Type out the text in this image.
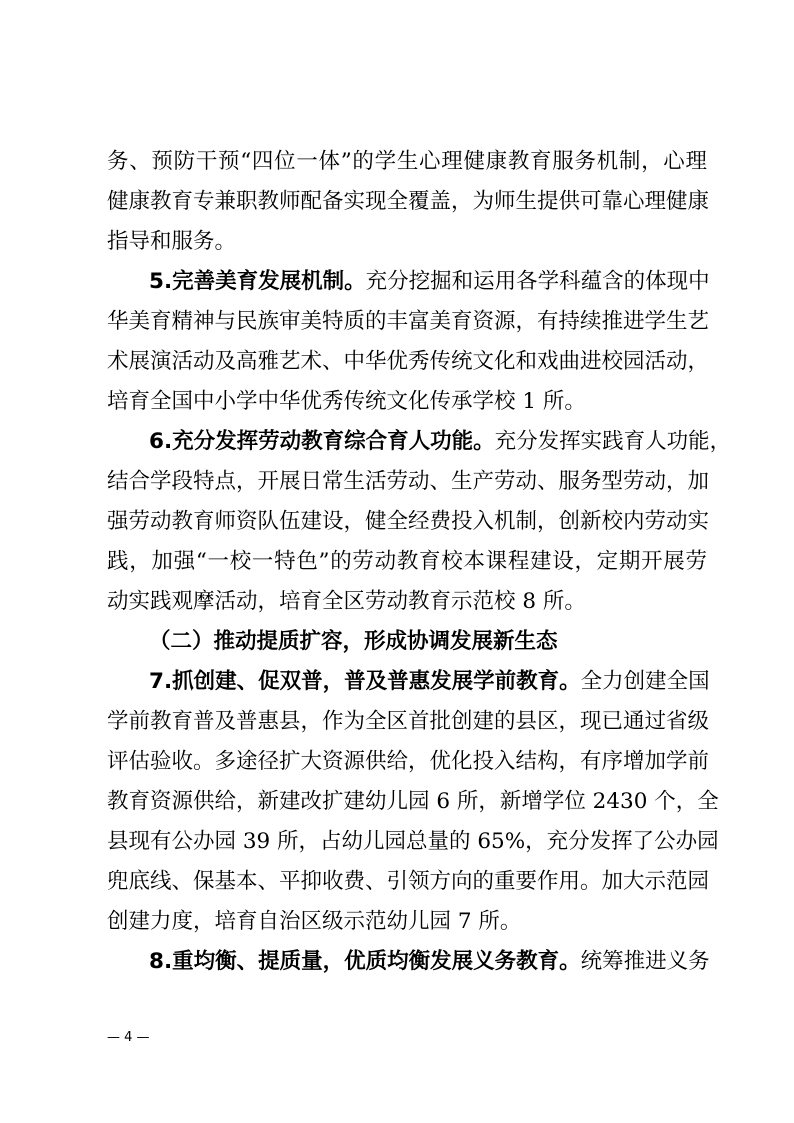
务、预防干预“四位一体”的学生心理健康教育服务机制，心理
健康教育专兼职教师配备实现全覆盖，为师生提供可靠心理健康
指导和服务。
5.完善美育发展机制。充分挖掘和运用各学科蕴含的体现中
华美育精神与民族审美特质的丰富美育资源，有持续推进学生艺
术展演活动及高雅艺术、中华优秀传统文化和戏曲进校园活动，
培育全国中小学中华优秀传统文化传承学校 1 所。
6.充分发挥劳动教育综合育人功能。充分发挥实践育人功能，
结合学段特点，开展日常生活劳动、生产劳动、服务型劳动，加
强劳动教育师资队伍建设，健全经费投入机制，创新校内劳动实
践，加强“一校一特色”的劳动教育校本课程建设，定期开展劳
动实践观摩活动，培育全区劳动教育示范校 8 所。
（二）推动提质扩容，形成协调发展新生态
7.抓创建、促双普，普及普惠发展学前教育。全力创建全国
学前教育普及普惠县，作为全区首批创建的县区，现已通过省级
评估验收。多途径扩大资源供给，优化投入结构，有序增加学前
教育资源供给，新建改扩建幼儿园 6 所，新增学位 2430 个，全
县现有公办园 39 所，占幼儿园总量的 65%，充分发挥了公办园
兜底线、保基本、平抑收费、引领方向的重要作用。加大示范园
创建力度，培育自治区级示范幼儿园 7 所。
8.重均衡、提质量，优质均衡发展义务教育。统筹推进义务
— 4 —
